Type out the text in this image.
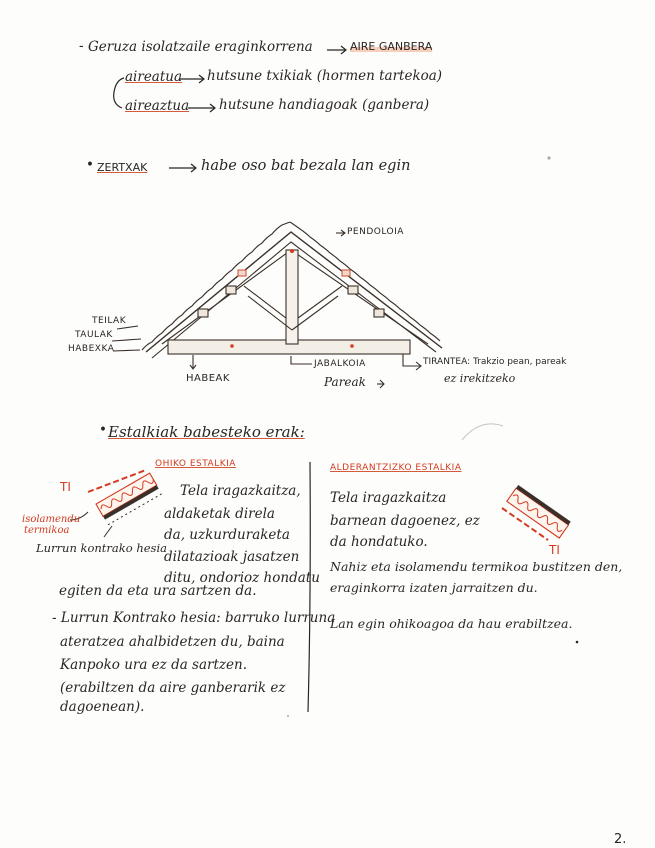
- Geruza isolatzaile eraginkorrena	AIRE GANBERA
aireatua hutsune txikiak (hormen tartekoa)
aireaztua hutsune handiagoak (ganbera)
• ZERTXAK	habe oso bat bezala lan egin
PENDOLOIA
TEILAK
TAULAK
HABEXKA
HABEAK
JABALKOIA
Pareak
TIRANTEA: Trakzio pean, pareak
ez irekitzeko
• Estalkiak babesteko erak:
OHIKO ESTALKIA
TI
isolamendu
termikoa
Lurrun kontrako hesia
Tela iragazkaitza,
aldaketak direla
da, uzkurduraketa
dilatazioak jasatzen
ditu, ondorioz hondatu
egiten da eta ura sartzen da.
- Lurrun Kontrako hesia: barruko lurruna
ateratzea ahalbidetzen du, baina
Kanpoko ura ez da sartzen.
(erabiltzen da aire ganberarik ez
dagoenean).
ALDERANTZIZKO ESTALKIA
TI
Tela iragazkaitza
barnean dagoenez, ez
da hondatuko.
Nahiz eta isolamendu termikoa bustitzen den,
eraginkorra izaten jarraitzen du.
Lan egin ohikoagoa da hau erabiltzea.
2.
